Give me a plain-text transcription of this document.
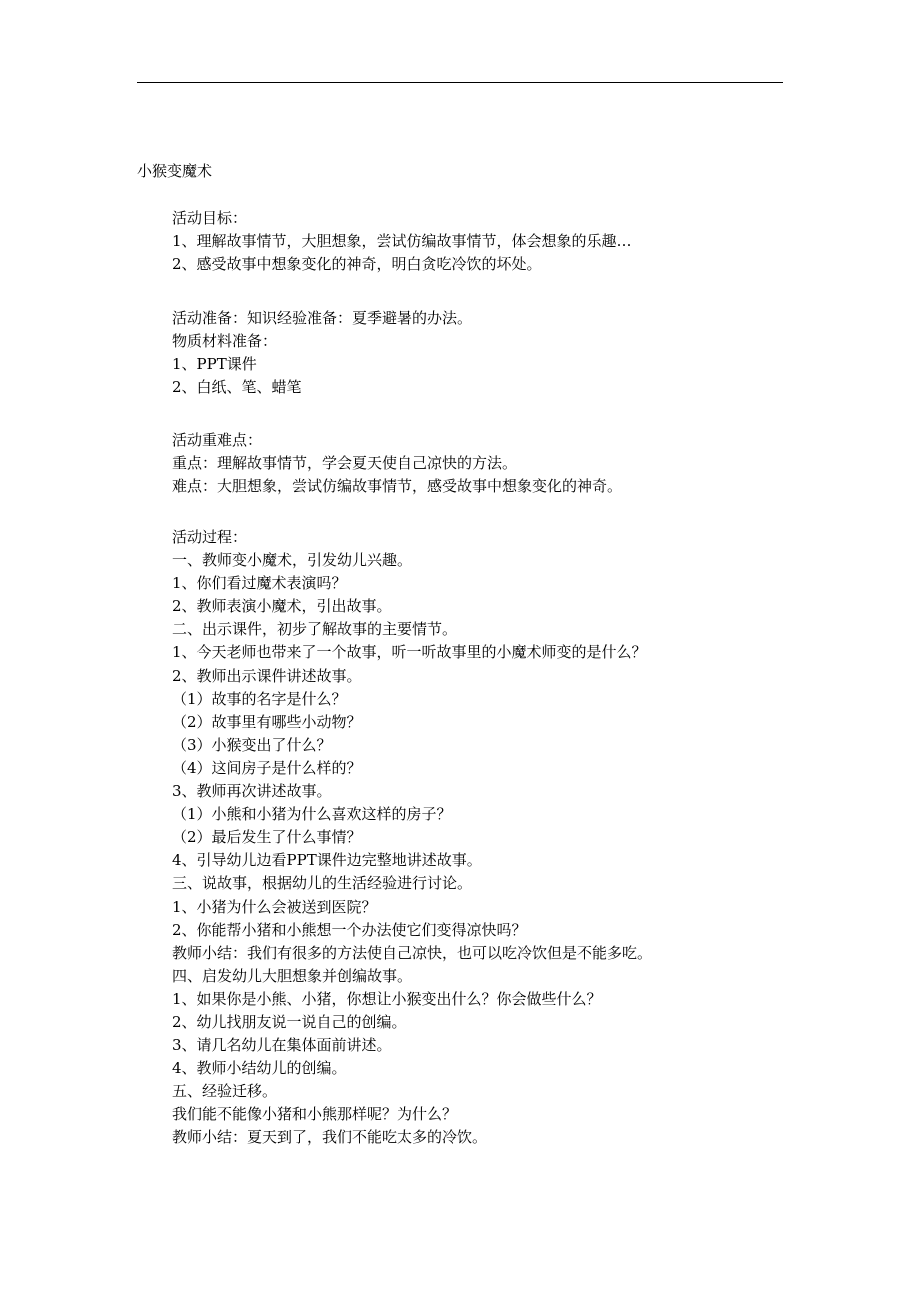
小猴变魔术
活动目标：
1、理解故事情节，大胆想象，尝试仿编故事情节，体会想象的乐趣…
2、感受故事中想象变化的神奇，明白贪吃冷饮的坏处。
活动准备：知识经验准备：夏季避暑的办法。
物质材料准备：
1、PPT课件
2、白纸、笔、蜡笔
活动重难点：
重点：理解故事情节，学会夏天使自己凉快的方法。
难点：大胆想象，尝试仿编故事情节，感受故事中想象变化的神奇。
活动过程：
一、教师变小魔术，引发幼儿兴趣。
1、你们看过魔术表演吗？
2、教师表演小魔术，引出故事。
二、出示课件，初步了解故事的主要情节。
1、今天老师也带来了一个故事，听一听故事里的小魔术师变的是什么？
2、教师出示课件讲述故事。
（1）故事的名字是什么？
（2）故事里有哪些小动物？
（3）小猴变出了什么？
（4）这间房子是什么样的？
3、教师再次讲述故事。
（1）小熊和小猪为什么喜欢这样的房子？
（2）最后发生了什么事情？
4、引导幼儿边看PPT课件边完整地讲述故事。
三、说故事，根据幼儿的生活经验进行讨论。
1、小猪为什么会被送到医院？
2、你能帮小猪和小熊想一个办法使它们变得凉快吗？
教师小结：我们有很多的方法使自己凉快，也可以吃冷饮但是不能多吃。
四、启发幼儿大胆想象并创编故事。
1、如果你是小熊、小猪，你想让小猴变出什么？你会做些什么？
2、幼儿找朋友说一说自己的创编。
3、请几名幼儿在集体面前讲述。
4、教师小结幼儿的创编。
五、经验迁移。
我们能不能像小猪和小熊那样呢？为什么？
教师小结：夏天到了，我们不能吃太多的冷饮。
